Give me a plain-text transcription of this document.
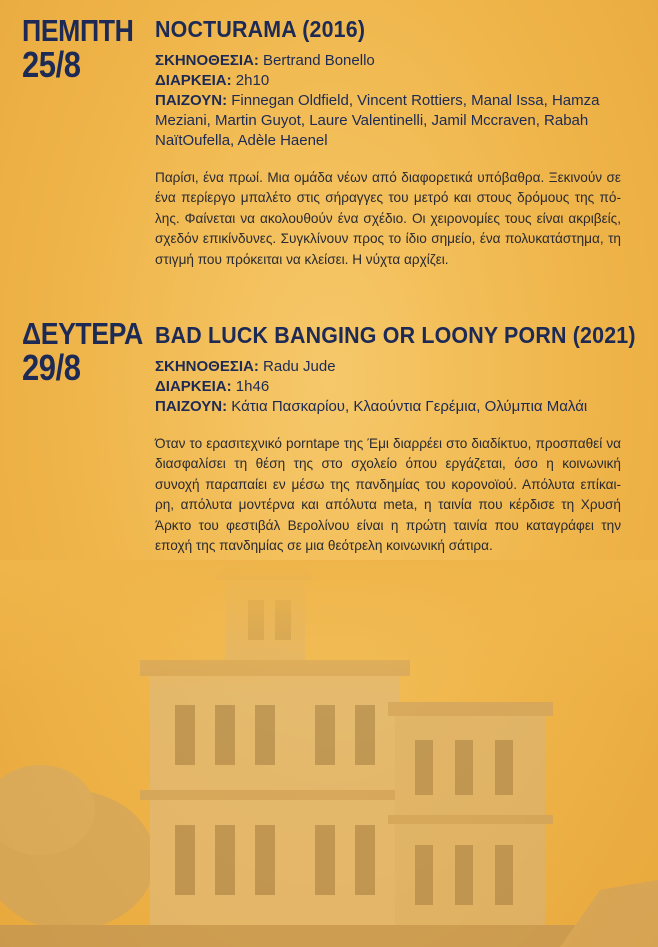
ΠΕΜΠΤΗ
25/8
NOCTURAMA (2016)
ΣΚΗΝΟΘΕΣΙΑ: Bertrand Bonello
ΔΙΑΡΚΕΙΑ: 2h10
ΠΑΙΖΟΥΝ: Finnegan Oldfield, Vincent Rottiers, Manal Issa, Hamza Meziani, Martin Guyot, Laure Valentinelli, Jamil Mccraven, Rabah NaïtOufella, Adèle Haenel
Παρίσι, ένα πρωί. Μια ομάδα νέων από διαφορετικά υπόβαθρα. Ξεκινούν σε ένα περίεργο μπαλέτο στις σήραγγες του μετρό και στους δρόμους της πό-λης. Φαίνεται να ακολουθούν ένα σχέδιο. Οι χειρονομίες τους είναι ακριβείς, σχεδόν επικίνδυνες. Συγκλίνουν προς το ίδιο σημείο, ένα πολυκατάστημα, τη στιγμή που πρόκειται να κλείσει. Η νύχτα αρχίζει.
ΔΕΥΤΕΡΑ
29/8
BAD LUCK BANGING OR LOONY PORN (2021)
ΣΚΗΝΟΘΕΣΙΑ: Radu Jude
ΔΙΑΡΚΕΙΑ: 1h46
ΠΑΙΖΟΥΝ: Κάτια Πασκαρίου, Κλαούντια Γερέμια, Ολύμπια Μαλάι
Όταν το ερασιτεχνικό porntape της Έμι διαρρέει στο διαδίκτυο, προσπαθεί να διασφαλίσει τη θέση της στο σχολείο όπου εργάζεται, όσο η κοινωνική συνοχή παραπαίει εν μέσω της πανδημίας του κορονοϊού. Απόλυτα επίκαι-ρη, απόλυτα μοντέρνα και απόλυτα meta, η ταινία που κέρδισε τη Χρυσή Άρκτο του φεστιβάλ Βερολίνου είναι η πρώτη ταινία που καταγράφει την εποχή της πανδημίας σε μια θεότρελη κοινωνική σάτιρα.
